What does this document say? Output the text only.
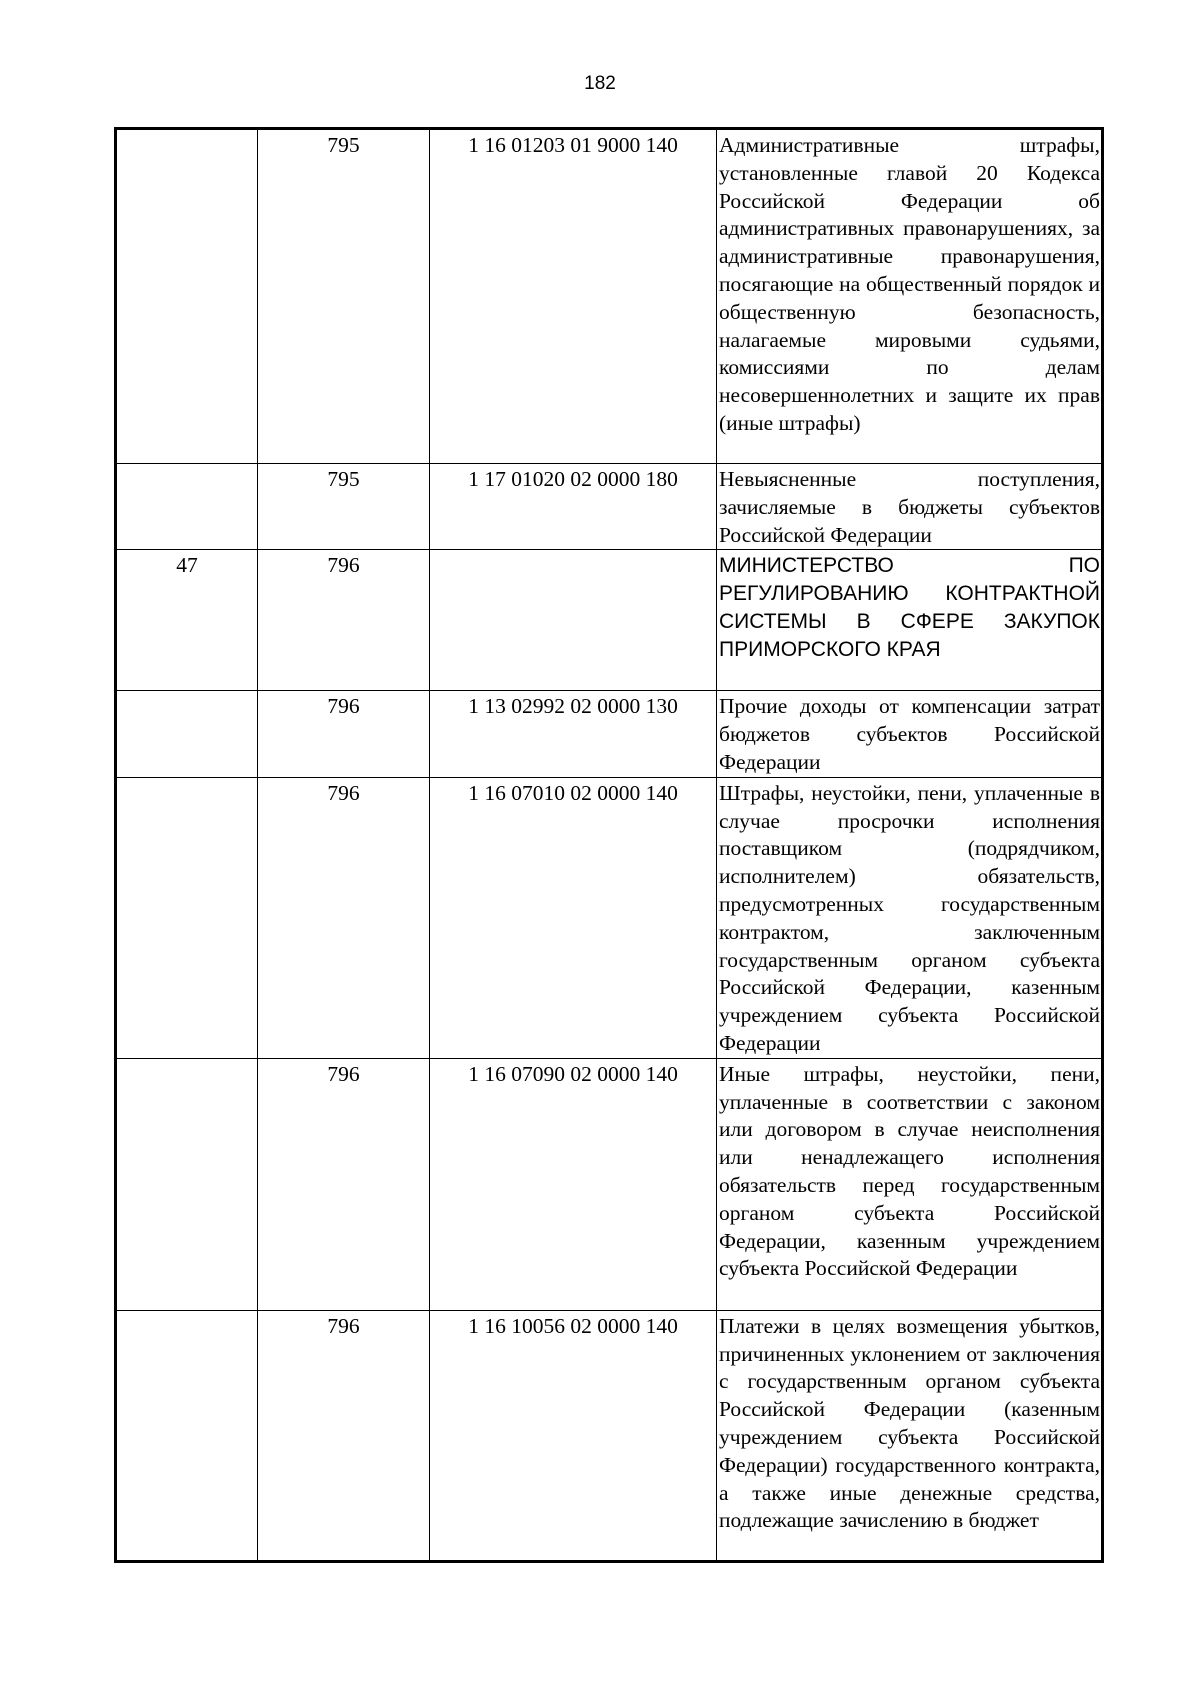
182
	795	1 16 01203 01 9000 140	Административные штрафы, установленные главой 20 Кодекса Российской Федерации об административных правонарушениях, за административные правонарушения, посягающие на общественный порядок и общественную безопасность, налагаемые мировыми судьями, комиссиями по делам несовершеннолетних и защите их прав (иные штрафы)
	795	1 17 01020 02 0000 180	Невыясненные поступления, зачисляемые в бюджеты субъектов Российской Федерации
47	796		МИНИСТЕРСТВО ПО РЕГУЛИРОВАНИЮ КОНТРАКТНОЙ СИСТЕМЫ В СФЕРЕ ЗАКУПОК ПРИМОРСКОГО КРАЯ
	796	1 13 02992 02 0000 130	Прочие доходы от компенсации затрат бюджетов субъектов Российской Федерации
	796	1 16 07010 02 0000 140	Штрафы, неустойки, пени, уплаченные в случае просрочки исполнения поставщиком (подрядчиком, исполнителем) обязательств, предусмотренных государственным контрактом, заключенным государственным органом субъекта Российской Федерации, казенным учреждением субъекта Российской Федерации
	796	1 16 07090 02 0000 140	Иные штрафы, неустойки, пени, уплаченные в соответствии с законом или договором в случае неисполнения или ненадлежащего исполнения обязательств перед государственным органом субъекта Российской Федерации, казенным учреждением субъекта Российской Федерации
	796	1 16 10056 02 0000 140	Платежи в целях возмещения убытков, причиненных уклонением от заключения с государственным органом субъекта Российской Федерации (казенным учреждением субъекта Российской Федерации) государственного контракта, а также иные денежные средства, подлежащие зачислению в бюджет
